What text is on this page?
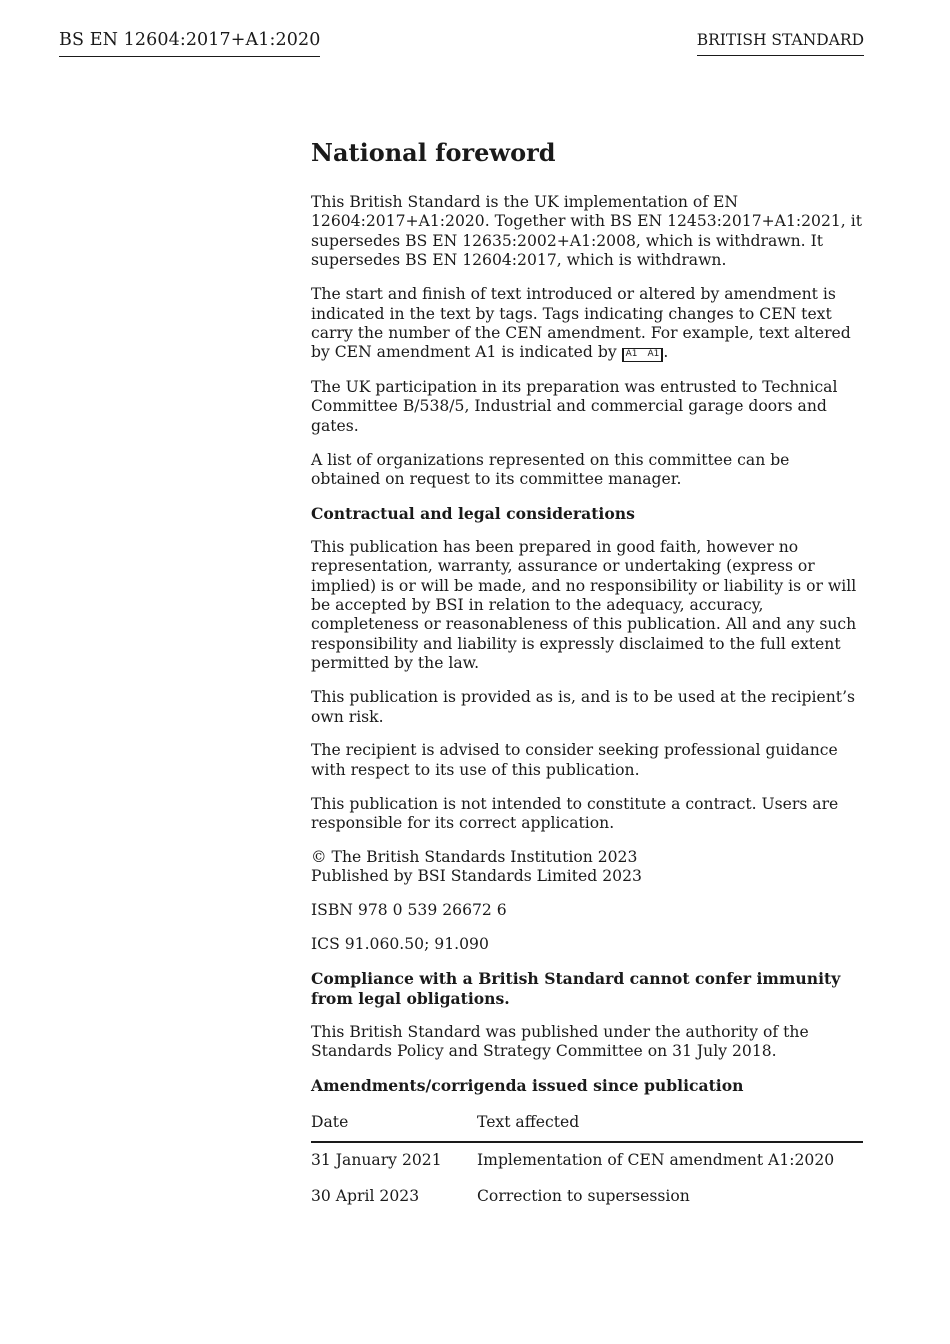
BS EN 12604:2017+A1:2020	BRITISH STANDARD
National foreword

This British Standard is the UK implementation of EN 12604:2017+A1:2020. Together with BS EN 12453:2017+A1:2021, it supersedes BS EN 12635:2002+A1:2008, which is withdrawn. It supersedes BS EN 12604:2017, which is withdrawn.

The start and finish of text introduced or altered by amendment is indicated in the text by tags. Tags indicating changes to CEN text carry the number of the CEN amendment. For example, text altered by CEN amendment A1 is indicated by A1 A1 .

The UK participation in its preparation was entrusted to Technical Committee B/538/5, Industrial and commercial garage doors and gates.

A list of organizations represented on this committee can be obtained on request to its committee manager.

Contractual and legal considerations

This publication has been prepared in good faith, however no representation, warranty, assurance or undertaking (express or implied) is or will be made, and no responsibility or liability is or will be accepted by BSI in relation to the adequacy, accuracy, completeness or reasonableness of this publication. All and any such responsibility and liability is expressly disclaimed to the full extent permitted by the law.

This publication is provided as is, and is to be used at the recipient’s own risk.

The recipient is advised to consider seeking professional guidance with respect to its use of this publication.

This publication is not intended to constitute a contract. Users are responsible for its correct application.

© The British Standards Institution 2023
Published by BSI Standards Limited 2023

ISBN 978 0 539 26672 6

ICS 91.060.50; 91.090

Compliance with a British Standard cannot confer immunity from legal obligations.

This British Standard was published under the authority of the Standards Policy and Strategy Committee on 31 July 2018.

Amendments/corrigenda issued since publication

Date	Text affected
31 January 2021	Implementation of CEN amendment A1:2020
30 April 2023	Correction to supersession
